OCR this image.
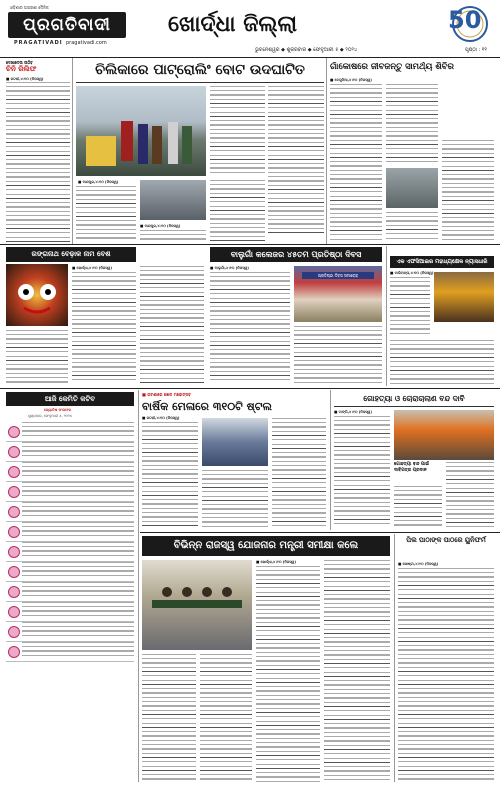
ଓଡ଼ିଶାର ଅଗ୍ରଣୀ ଦୈନିକ
ପ୍ରଗତିବାଦୀ
PRAGATIVADI pragativadi.com
ଖୋର୍ଦ୍ଧା ଜିଲ୍ଲା	50
ଭୁବନେଶ୍ୱର ◆ ଶୁକ୍ରବାର ◆ ଫେବୃଆରୀ ୫ ◆ ୨୦୨୪	ପୃଷ୍ଠା : ୧୧
ଦେଖାଦେଉ ଉଠିବ
ଚିନି ରିଲିଫ
■ ଜଟଣୀ,୪।୧୦ (ନିଜସ୍ୱ)
ଚିଲିକାରେ ପାଟ୍ରୋଲିଂ ବୋଟ ଉଦଘାଟିତ
■ ବାଣପୁର,୪।୧୦ (ନିଜସ୍ୱ)
■ ବାଣପୁର,୪।୧୦ (ନିଜସ୍ୱ)
ଗାଁକୋଷରେ ଜୀବଜନ୍ତୁ ସାମର୍ଥ୍ୟ ଶିବିର
■ ବେଗୁନିଆ,୪।୧୦ (ନିଜସ୍ୱ)
ରଙ୍ଗନାଥ ବେଢ଼ାକ ନାମ ବେଶ
■ ଖୋର୍ଦ୍ଧା,୪।୧୦ (ନିଜସ୍ୱ)
ବାଲୁଗାଁ କଲେଜର ୪୫ତମ ପ୍ରତିଷ୍ଠା ଦିବସ
■ ବାଲୁଗାଁ,୪।୧୦ (ନିଜସ୍ୱ)
ପ୍ରତିଷ୍ଠା ଦିବସ ସମାରୋହ
ଏକ ଏଫସିଆଇର ମହାଧ୍ୟକ୍ଷେକ ନ୍ୟାସଧାରି
■ ବାଲିଅନ୍ତା,୪।୧୦ (ନିଜସ୍ୱ)
ଆଜି କେମିତି କଟିବ
ଜ୍ୟୋତିଷ ଫଳାଫଳ
ଶୁକ୍ରବାର, ଫେବୃଆରୀ ୫, ୨୦୨୪
■ ଜଟଣୀରେ ଖେଳ ମହୋତ୍ସବ
ବାର୍ଷିକ ମେଳାରେ ୩୧୦ଟି ଷ୍ଟଲ
■ ଜଟଣୀ,୪।୧୦ (ନିଜସ୍ୱ)
ଗୋହତ୍ୟା ଓ ଚୋରାଚାଲାଣ ବନ୍ଦ ଦାବି
■ ଟାଙ୍ଗି,୪।୧୦ (ନିଜସ୍ୱ)
ଗୋହତ୍ୟା ବନ୍ଦ ପାଇଁ ଦାବିପତ୍ର ପ୍ରଦାନ
ବିଭିନ୍ନ ରାଜସ୍ୱ ଯୋଜନାର ମନ୍ତ୍ରୀ ସମୀକ୍ଷା କଲେ
■ ଖୋର୍ଦ୍ଧା,୪।୧୦ (ନିଜସ୍ୱ)
ପିଲ ପାଠାଙ୍କ ପାଠରେ ୟୁନିଫର୍ମ
■ କୋଷ୍ଟା,୪।୧୦ (ନିଜସ୍ୱ)
